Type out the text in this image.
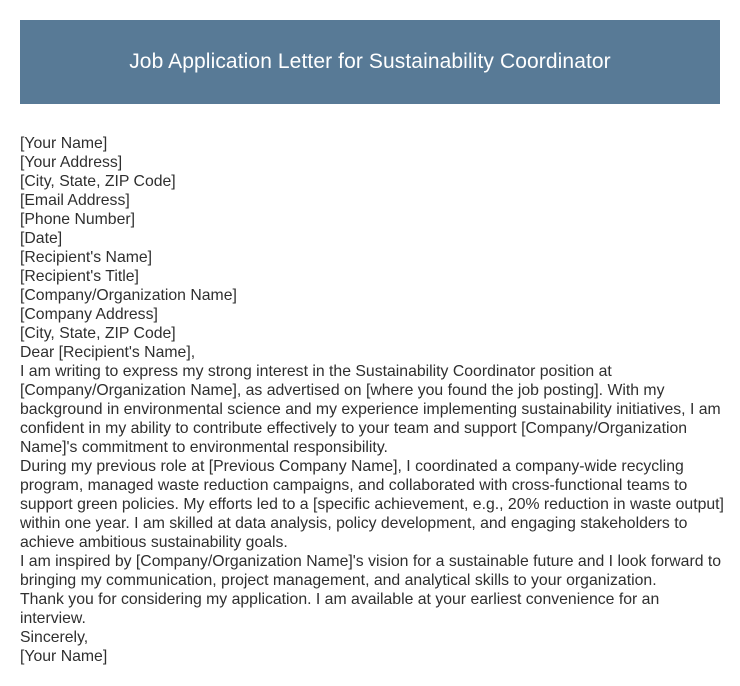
Job Application Letter for Sustainability Coordinator

[Your Name]

[Your Address]

[City, State, ZIP Code]

[Email Address]

[Phone Number]

[Date]

[Recipient's Name]

[Recipient's Title]

[Company/Organization Name]

[Company Address]

[City, State, ZIP Code]

Dear [Recipient's Name],

I am writing to express my strong interest in the Sustainability Coordinator position at [Company/Organization Name], as advertised on [where you found the job posting]. With my background in environmental science and my experience implementing sustainability initiatives, I am confident in my ability to contribute effectively to your team and support [Company/Organization Name]'s commitment to environmental responsibility.

During my previous role at [Previous Company Name], I coordinated a company-wide recycling program, managed waste reduction campaigns, and collaborated with cross-functional teams to support green policies. My efforts led to a [specific achievement, e.g., 20% reduction in waste output] within one year. I am skilled at data analysis, policy development, and engaging stakeholders to achieve ambitious sustainability goals.

I am inspired by [Company/Organization Name]'s vision for a sustainable future and I look forward to bringing my communication, project management, and analytical skills to your organization.

Thank you for considering my application. I am available at your earliest convenience for an interview.

Sincerely,

[Your Name]
